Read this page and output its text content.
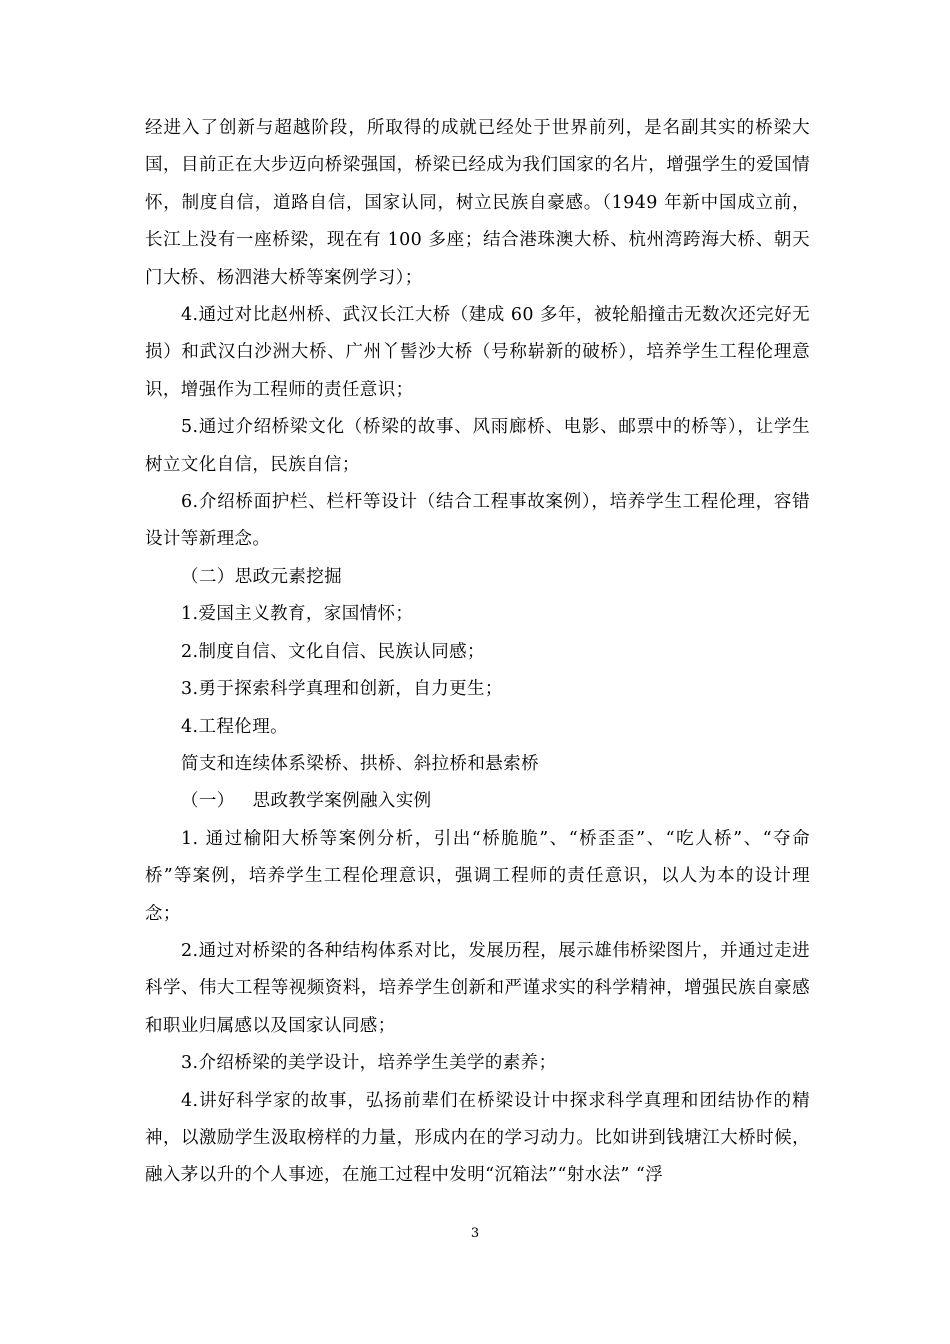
经进入了创新与超越阶段，所取得的成就已经处于世界前列，是名副其实的桥梁大国，目前正在大步迈向桥梁强国，桥梁已经成为我们国家的名片，增强学生的爱国情怀，制度自信，道路自信，国家认同，树立民族自豪感。（1949 年新中国成立前，长江上没有一座桥梁，现在有 100 多座；结合港珠澳大桥、杭州湾跨海大桥、朝天门大桥、杨泗港大桥等案例学习）；

4.通过对比赵州桥、武汉长江大桥（建成 60 多年，被轮船撞击无数次还完好无损）和武汉白沙洲大桥、广州丫髻沙大桥（号称崭新的破桥），培养学生工程伦理意识，增强作为工程师的责任意识；

5.通过介绍桥梁文化（桥梁的故事、风雨廊桥、电影、邮票中的桥等），让学生树立文化自信，民族自信；

6.介绍桥面护栏、栏杆等设计（结合工程事故案例），培养学生工程伦理，容错设计等新理念。

（二）思政元素挖掘

1.爱国主义教育，家国情怀；

2.制度自信、文化自信、民族认同感；

3.勇于探索科学真理和创新，自力更生；

4.工程伦理。

简支和连续体系梁桥、拱桥、斜拉桥和悬索桥

（一）   思政教学案例融入实例

1. 通过榆阳大桥等案例分析，引出“桥脆脆”、“桥歪歪”、“吃人桥”、“夺命桥”等案例，培养学生工程伦理意识，强调工程师的责任意识，以人为本的设计理念；

2.通过对桥梁的各种结构体系对比，发展历程，展示雄伟桥梁图片，并通过走进科学、伟大工程等视频资料，培养学生创新和严谨求实的科学精神，增强民族自豪感和职业归属感以及国家认同感；

3.介绍桥梁的美学设计，培养学生美学的素养；

4.讲好科学家的故事，弘扬前辈们在桥梁设计中探求科学真理和团结协作的精神，以激励学生汲取榜样的力量，形成内在的学习动力。比如讲到钱塘江大桥时候，融入茅以升的个人事迹，在施工过程中发明“沉箱法”“射水法” “浮

3
